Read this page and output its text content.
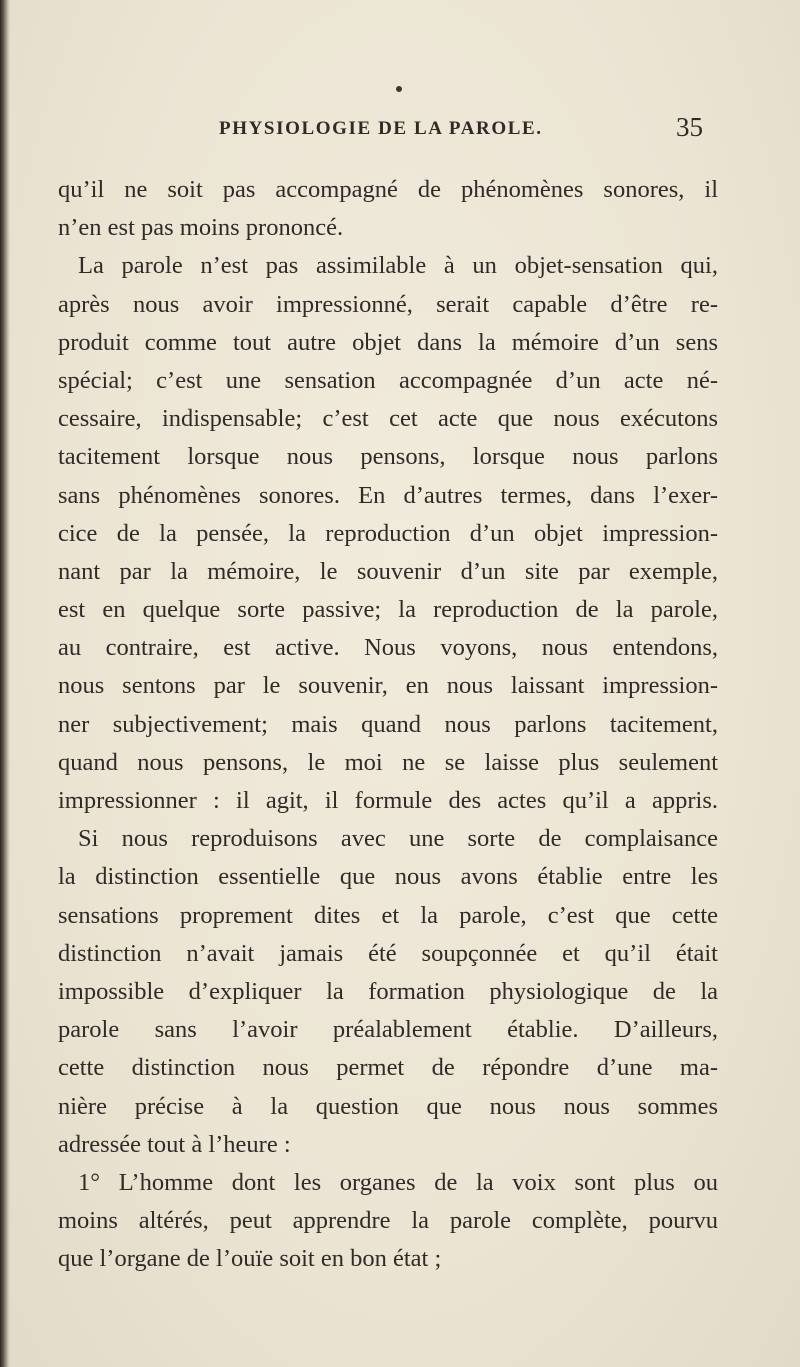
PHYSIOLOGIE DE LA PAROLE.	35
qu’il ne soit pas accompagné de phénomènes sonores, il
n’en est pas moins prononcé.
La parole n’est pas assimilable à un objet-sensation qui,
après nous avoir impressionné, serait capable d’être re-
produit comme tout autre objet dans la mémoire d’un sens
spécial; c’est une sensation accompagnée d’un acte né-
cessaire, indispensable; c’est cet acte que nous exécutons
tacitement lorsque nous pensons, lorsque nous parlons
sans phénomènes sonores. En d’autres termes, dans l’exer-
cice de la pensée, la reproduction d’un objet impression-
nant par la mémoire, le souvenir d’un site par exemple,
est en quelque sorte passive; la reproduction de la parole,
au contraire, est active. Nous voyons, nous entendons,
nous sentons par le souvenir, en nous laissant impression-
ner subjectivement; mais quand nous parlons tacitement,
quand nous pensons, le moi ne se laisse plus seulement
impressionner : il agit, il formule des actes qu’il a appris.
Si nous reproduisons avec une sorte de complaisance
la distinction essentielle que nous avons établie entre les
sensations proprement dites et la parole, c’est que cette
distinction n’avait jamais été soupçonnée et qu’il était
impossible d’expliquer la formation physiologique de la
parole sans l’avoir préalablement établie. D’ailleurs,
cette distinction nous permet de répondre d’une ma-
nière précise à la question que nous nous sommes
adressée tout à l’heure :
1° L’homme dont les organes de la voix sont plus ou
moins altérés, peut apprendre la parole complète, pourvu
que l’organe de l’ouïe soit en bon état ;
